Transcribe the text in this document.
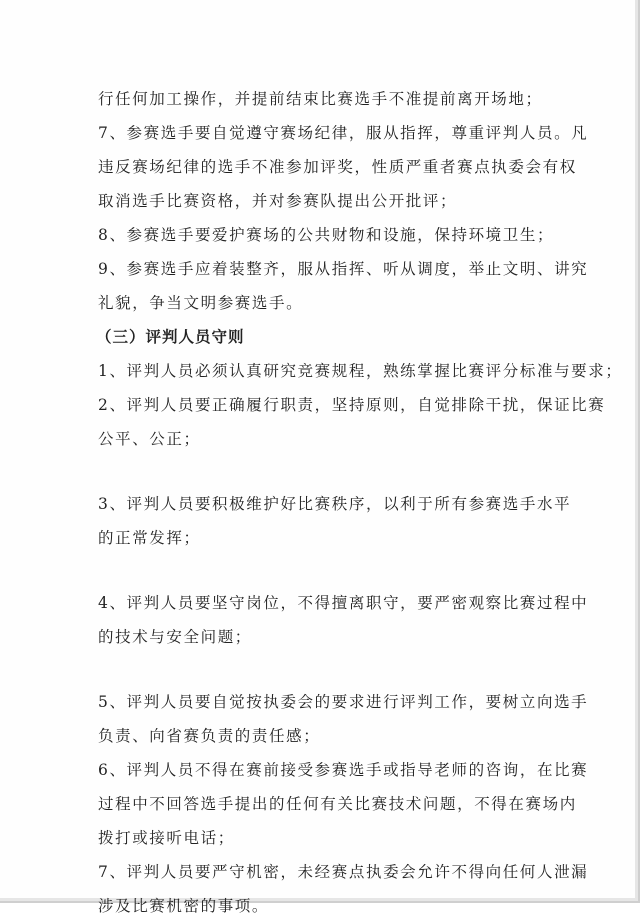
行任何加工操作，并提前结束比赛选手不准提前离开场地；
7、参赛选手要自觉遵守赛场纪律，服从指挥，尊重评判人员。凡
违反赛场纪律的选手不准参加评奖，性质严重者赛点执委会有权
取消选手比赛资格，并对参赛队提出公开批评；
8、参赛选手要爱护赛场的公共财物和设施，保持环境卫生；
9、参赛选手应着装整齐，服从指挥、听从调度，举止文明、讲究
礼貌，争当文明参赛选手。
（三）评判人员守则
1、评判人员必须认真研究竞赛规程，熟练掌握比赛评分标准与要求；
2、评判人员要正确履行职责，坚持原则，自觉排除干扰，保证比赛
公平、公正；
3、评判人员要积极维护好比赛秩序，以利于所有参赛选手水平
的正常发挥；
4、评判人员要坚守岗位，不得擅离职守，要严密观察比赛过程中
的技术与安全问题；
5、评判人员要自觉按执委会的要求进行评判工作，要树立向选手
负责、向省赛负责的责任感；
6、评判人员不得在赛前接受参赛选手或指导老师的咨询，在比赛
过程中不回答选手提出的任何有关比赛技术问题，不得在赛场内
拨打或接听电话；
7、评判人员要严守机密，未经赛点执委会允许不得向任何人泄漏
涉及比赛机密的事项。
